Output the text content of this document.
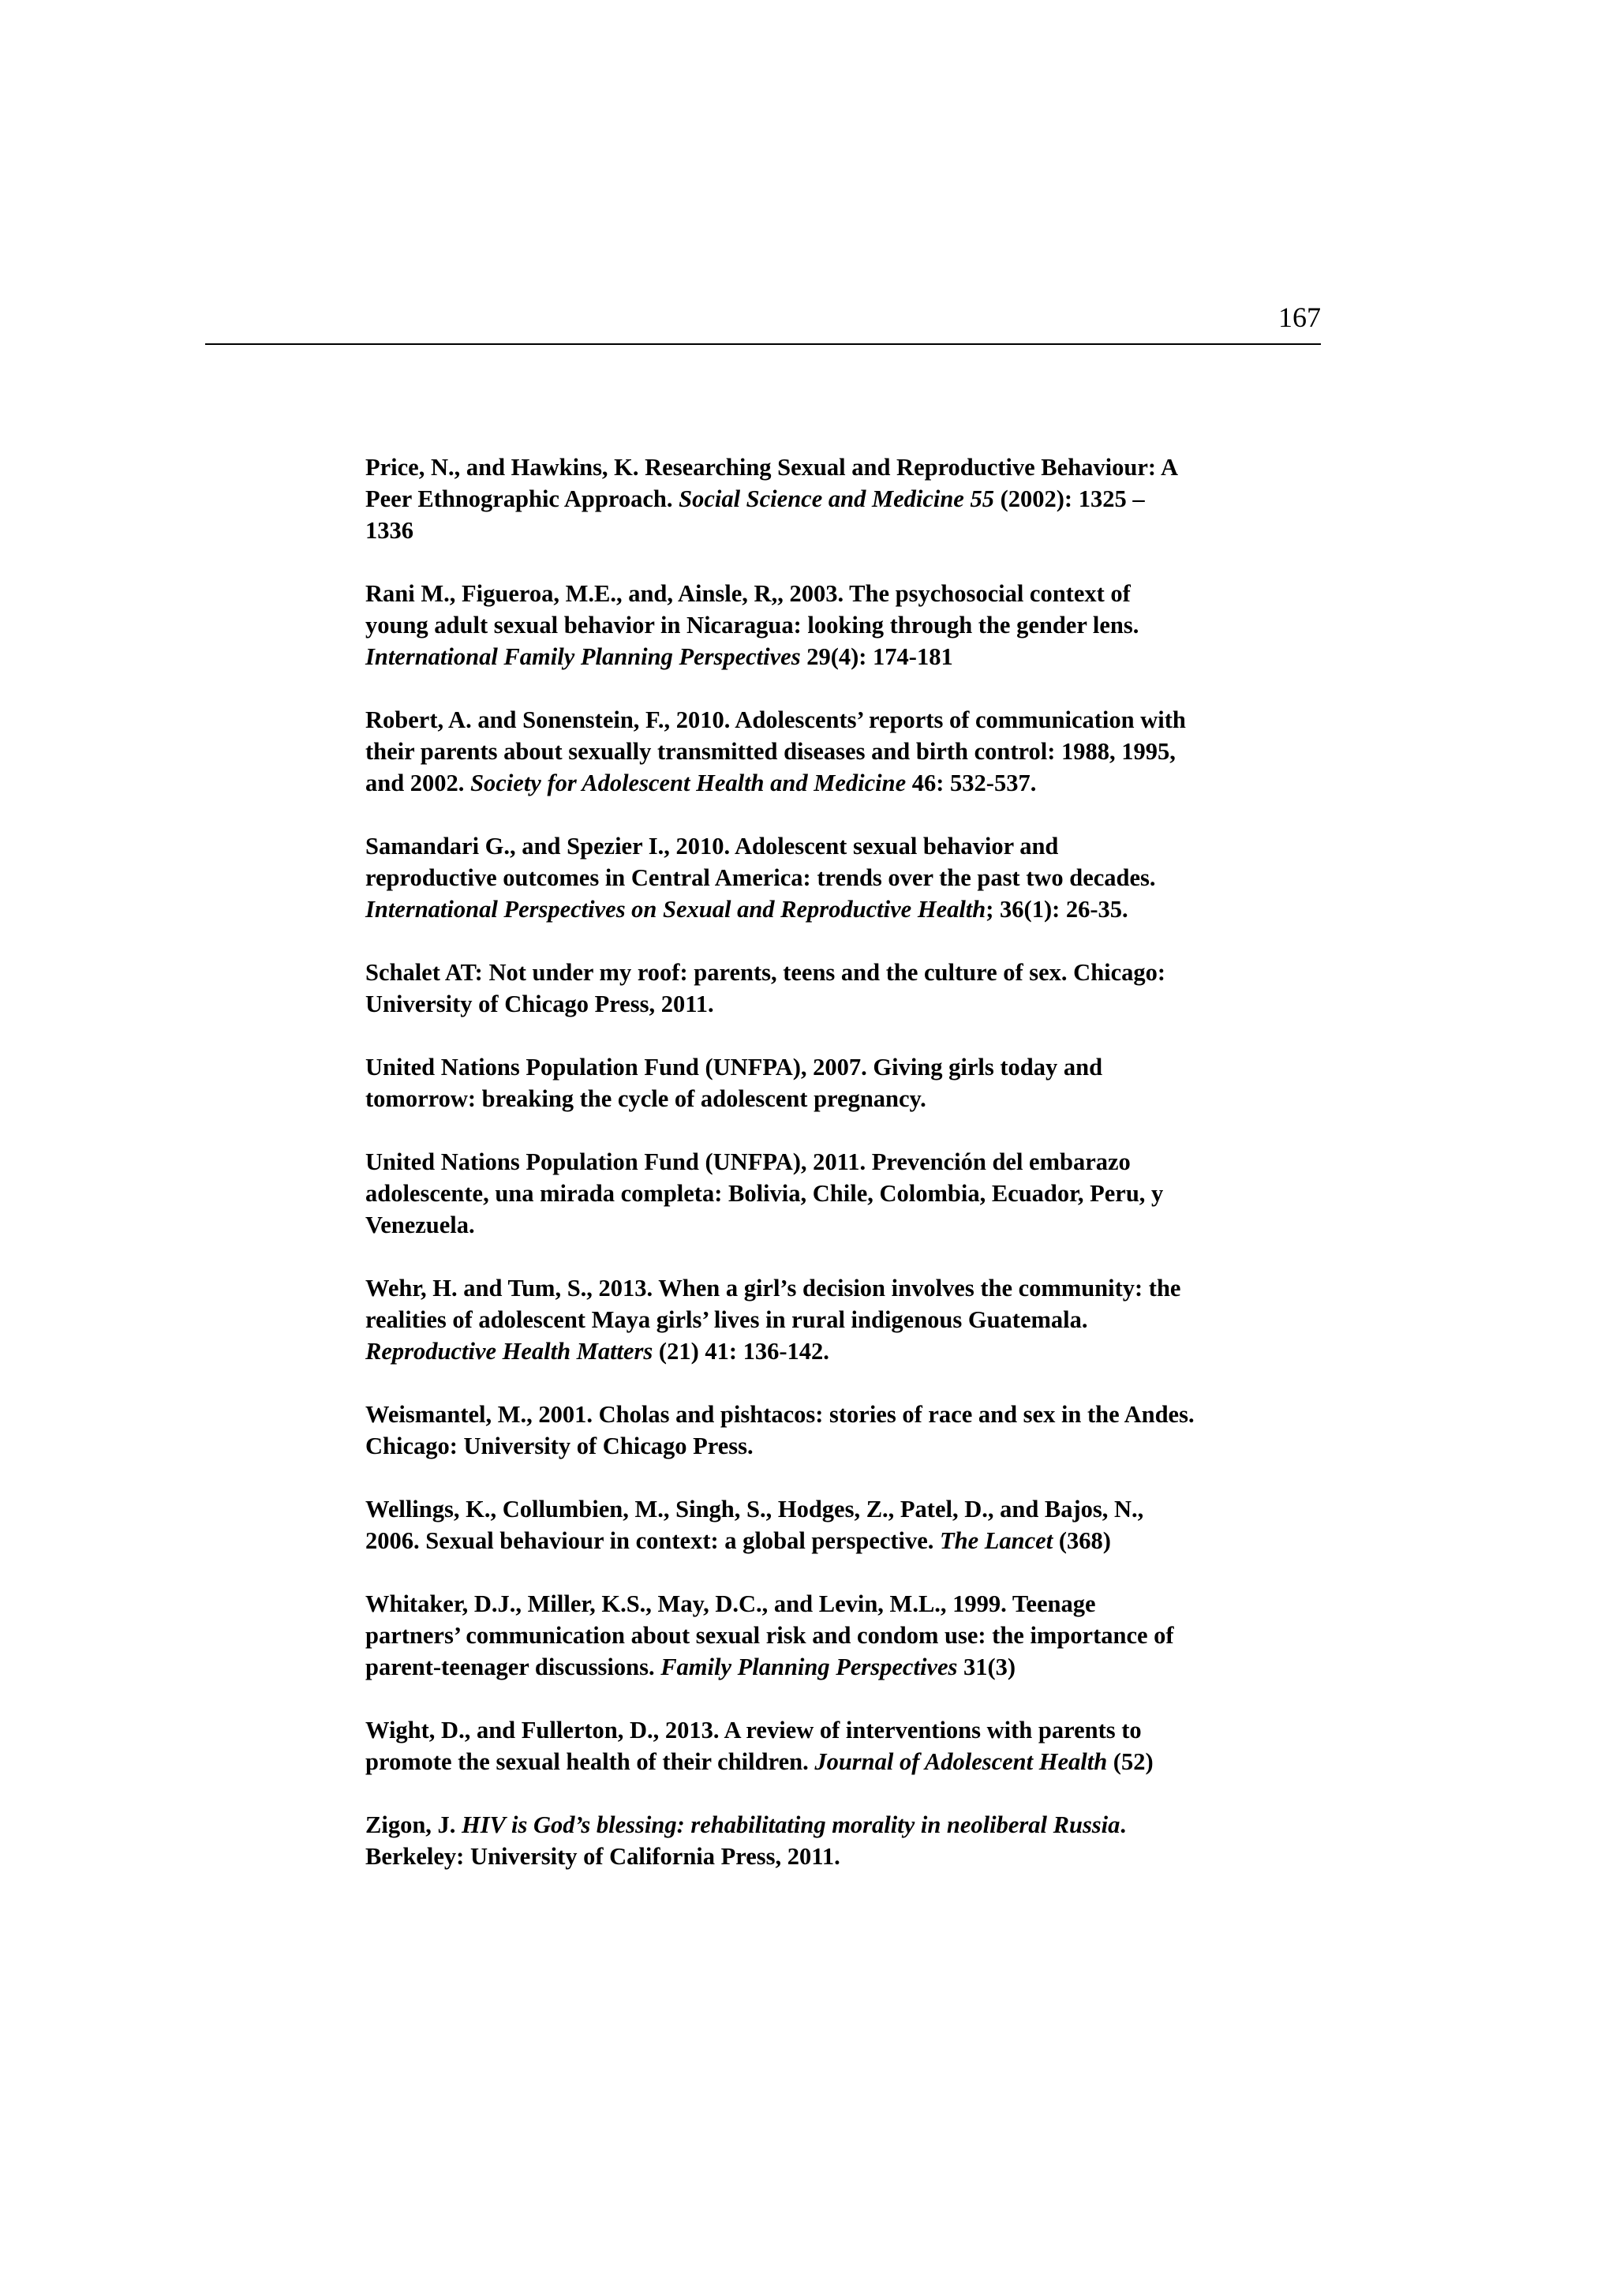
167

Price, N., and Hawkins, K. Researching Sexual and Reproductive Behaviour: A
Peer Ethnographic Approach. Social Science and Medicine 55 (2002): 1325 –
1336

Rani M., Figueroa, M.E., and, Ainsle, R,, 2003. The psychosocial context of
young adult sexual behavior in Nicaragua: looking through the gender lens.
International Family Planning Perspectives 29(4): 174-181

Robert, A. and Sonenstein, F., 2010. Adolescents’ reports of communication with
their parents about sexually transmitted diseases and birth control: 1988, 1995,
and 2002. Society for Adolescent Health and Medicine 46: 532-537.

Samandari G., and Spezier I., 2010. Adolescent sexual behavior and
reproductive outcomes in Central America: trends over the past two decades.
International Perspectives on Sexual and Reproductive Health; 36(1): 26-35.

Schalet AT: Not under my roof: parents, teens and the culture of sex. Chicago:
University of Chicago Press, 2011.

United Nations Population Fund (UNFPA), 2007. Giving girls today and
tomorrow: breaking the cycle of adolescent pregnancy.

United Nations Population Fund (UNFPA), 2011. Prevención del embarazo
adolescente, una mirada completa: Bolivia, Chile, Colombia, Ecuador, Peru, y
Venezuela.

Wehr, H. and Tum, S., 2013. When a girl’s decision involves the community: the
realities of adolescent Maya girls’ lives in rural indigenous Guatemala.
Reproductive Health Matters (21) 41: 136-142.

Weismantel, M., 2001. Cholas and pishtacos: stories of race and sex in the Andes.
Chicago: University of Chicago Press.

Wellings, K., Collumbien, M., Singh, S., Hodges, Z., Patel, D., and Bajos, N.,
2006. Sexual behaviour in context: a global perspective. The Lancet (368)

Whitaker, D.J., Miller, K.S., May, D.C., and Levin, M.L., 1999. Teenage
partners’ communication about sexual risk and condom use: the importance of
parent-teenager discussions. Family Planning Perspectives 31(3)

Wight, D., and Fullerton, D., 2013. A review of interventions with parents to
promote the sexual health of their children. Journal of Adolescent Health (52)

Zigon, J. HIV is God’s blessing: rehabilitating morality in neoliberal Russia.
Berkeley: University of California Press, 2011.
